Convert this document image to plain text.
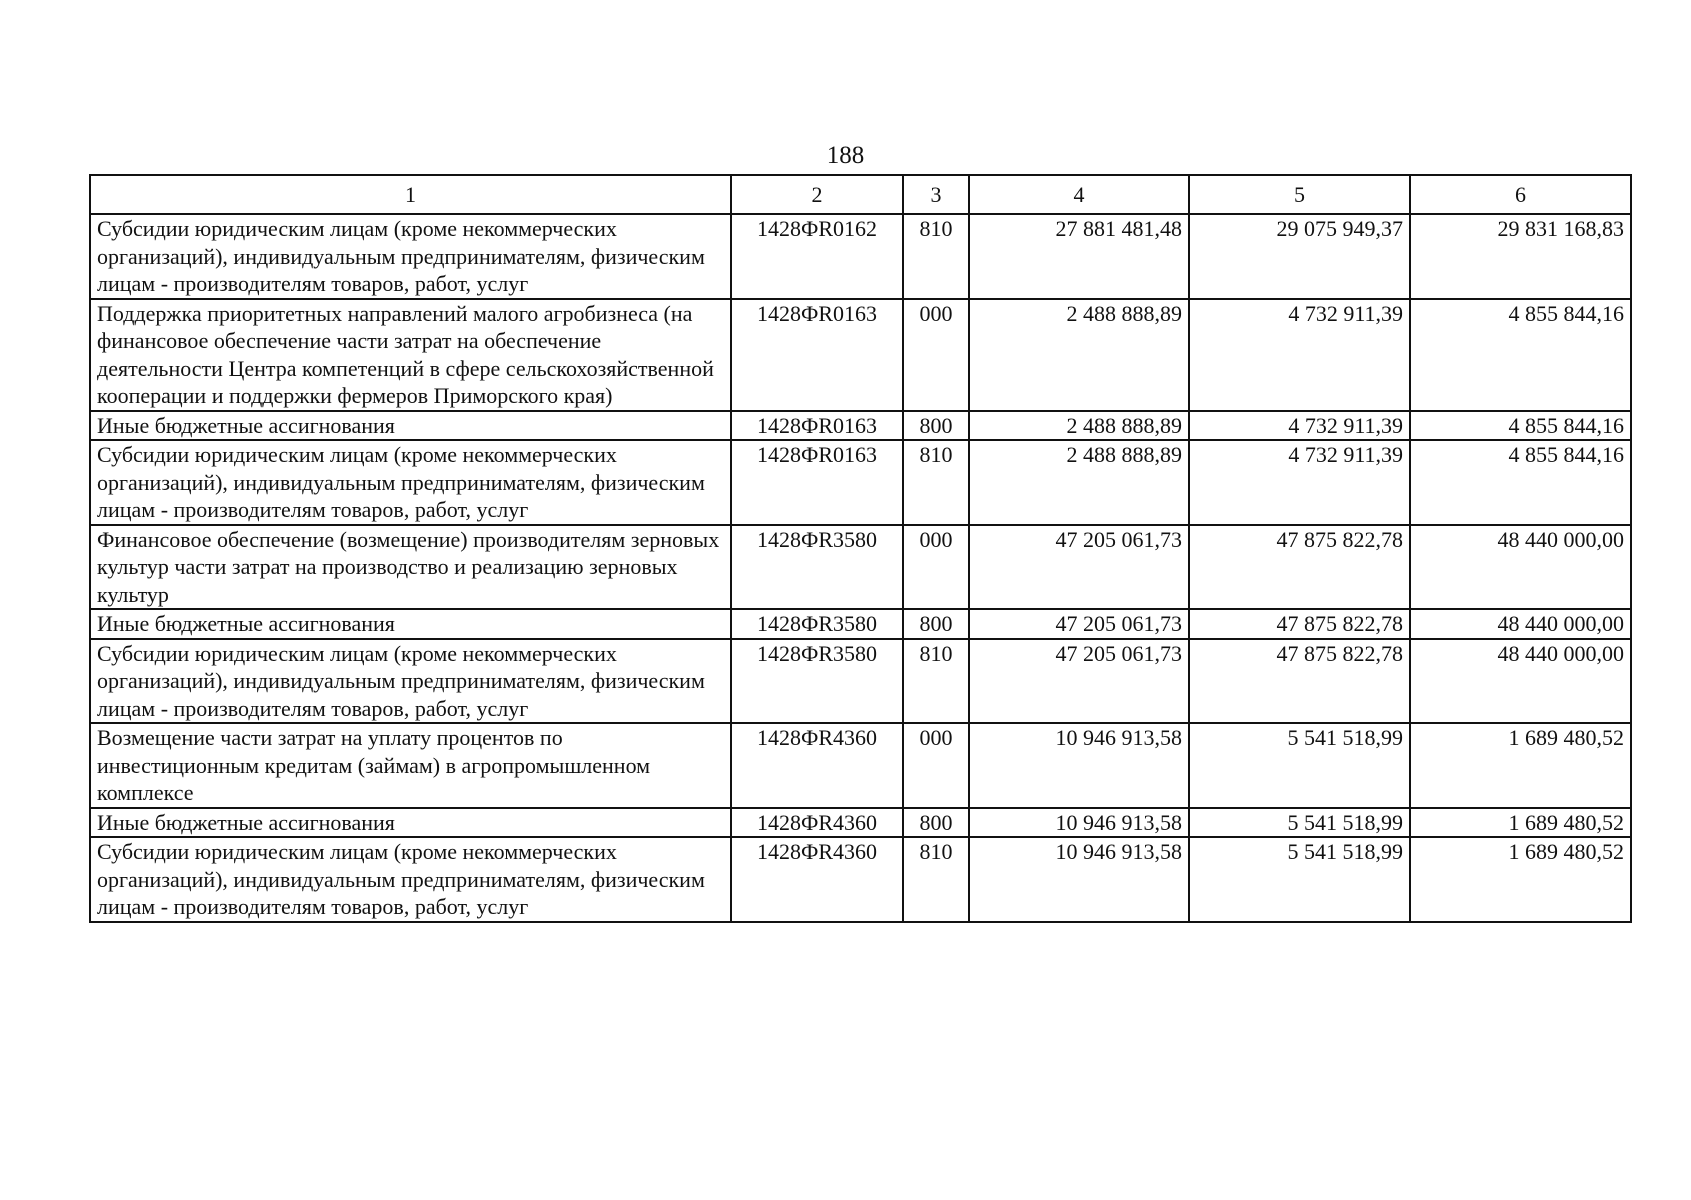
188
1	2	3	4	5	6
Субсидии юридическим лицам (кроме некоммерческих организаций), индивидуальным предпринимателям, физическим лицам - производителям товаров, работ, услуг	1428ФR0162	810	27 881 481,48	29 075 949,37	29 831 168,83
Поддержка приоритетных направлений малого агробизнеса (на финансовое обеспечение части затрат на обеспечение деятельности Центра компетенций в сфере сельскохозяйственной кооперации и поддержки фермеров Приморского края)	1428ФR0163	000	2 488 888,89	4 732 911,39	4 855 844,16
Иные бюджетные ассигнования	1428ФR0163	800	2 488 888,89	4 732 911,39	4 855 844,16
Субсидии юридическим лицам (кроме некоммерческих организаций), индивидуальным предпринимателям, физическим лицам - производителям товаров, работ, услуг	1428ФR0163	810	2 488 888,89	4 732 911,39	4 855 844,16
Финансовое обеспечение (возмещение) производителям зерновых культур части затрат на производство и реализацию зерновых культур	1428ФR3580	000	47 205 061,73	47 875 822,78	48 440 000,00
Иные бюджетные ассигнования	1428ФR3580	800	47 205 061,73	47 875 822,78	48 440 000,00
Субсидии юридическим лицам (кроме некоммерческих организаций), индивидуальным предпринимателям, физическим лицам - производителям товаров, работ, услуг	1428ФR3580	810	47 205 061,73	47 875 822,78	48 440 000,00
Возмещение части затрат на уплату процентов по инвестиционным кредитам (займам) в агропромышленном комплексе	1428ФR4360	000	10 946 913,58	5 541 518,99	1 689 480,52
Иные бюджетные ассигнования	1428ФR4360	800	10 946 913,58	5 541 518,99	1 689 480,52
Субсидии юридическим лицам (кроме некоммерческих организаций), индивидуальным предпринимателям, физическим лицам - производителям товаров, работ, услуг	1428ФR4360	810	10 946 913,58	5 541 518,99	1 689 480,52
